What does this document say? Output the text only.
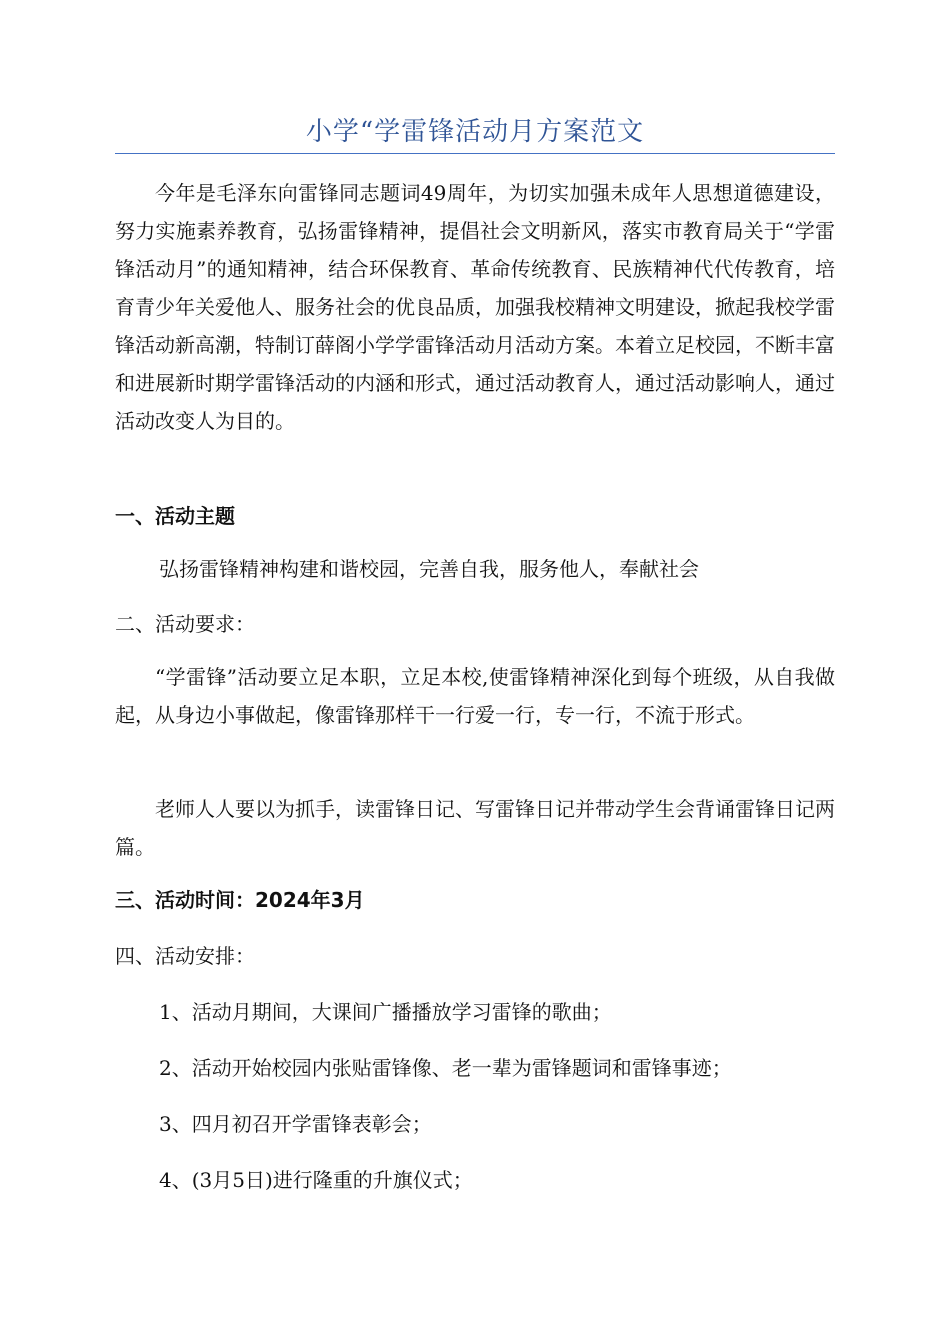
小学“学雷锋活动月方案范文

今年是毛泽东向雷锋同志题词49周年，为切实加强未成年人思想道德建设，努力实施素养教育，弘扬雷锋精神，提倡社会文明新风，落实市教育局关于“学雷锋活动月”的通知精神，结合环保教育、革命传统教育、民族精神代代传教育，培育青少年关爱他人、服务社会的优良品质，加强我校精神文明建设，掀起我校学雷锋活动新高潮，特制订薛阁小学学雷锋活动月活动方案。本着立足校园，不断丰富和进展新时期学雷锋活动的内涵和形式，通过活动教育人，通过活动影响人，通过活动改变人为目的。

一、活动主题
弘扬雷锋精神构建和谐校园，完善自我，服务他人，奉献社会
二、活动要求：

“学雷锋”活动要立足本职，立足本校,使雷锋精神深化到每个班级，从自我做起，从身边小事做起，像雷锋那样干一行爱一行，专一行，不流于形式。

老师人人要以为抓手，读雷锋日记、写雷锋日记并带动学生会背诵雷锋日记两篇。

三、活动时间：2024年3月
四、活动安排：
1、活动月期间，大课间广播播放学习雷锋的歌曲；
2、活动开始校园内张贴雷锋像、老一辈为雷锋题词和雷锋事迹；
3、四月初召开学雷锋表彰会；
4、(3月5日)进行隆重的升旗仪式；
